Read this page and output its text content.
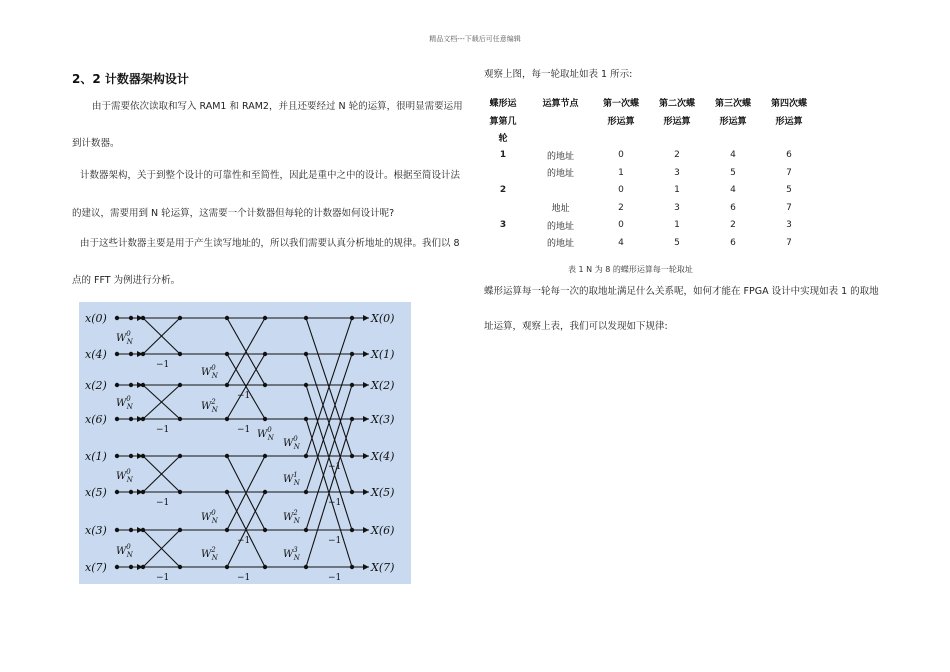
精品文档---下载后可任意编辑
2、2 计数器架构设计
由于需要依次读取和写入 RAM1 和 RAM2，并且还要经过 N 轮的运算，很明显需要运用
到计数器。
计数器架构，关于到整个设计的可靠性和至简性，因此是重中之中的设计。根据至简设计法
的建议，需要用到 N 轮运算，这需要一个计数器但每轮的计数器如何设计呢?
由于这些计数器主要是用于产生读写地址的，所以我们需要认真分析地址的规律。我们以 8
点的 FFT 为例进行分析。
$W^0$ N
−1
$W^0$ N
−1
$W^0$ N
−1
$W^0$ N
−1
−1
−1
−1
−1
$W^0$ N
$W^2$ N
$W^0$ N
$W^2$ N
−1
$W^0$ N
−1
$W^1$ N
−1
$W^2$ N
−1
$W^3$ N
$W^0$ N
x(0)
x(4)
x(2)
x(6)
x(1)
x(5)
x(3)
x(7)
X(0)
X(1)
X(2)
X(3)
X(4)
X(5)
X(6)
X(7)
观察上图，每一轮取址如表 1 所示:
蝶形运	运算节点	第一次蝶	第二次蝶	第三次蝶	第四次蝶
算第几		形运算	形运算	形运算	形运算
轮					
1	的地址	0	2	4	6
	的地址	1	3	5	7
2		0	1	4	5
	地址	2	3	6	7
3	的地址	0	1	2	3
	的地址	4	5	6	7
表 1 N 为 8 的蝶形运算每一轮取址
蝶形运算每一轮每一次的取地址满足什么关系呢，如何才能在 FPGA 设计中实现如表 1 的取地
址运算，观察上表，我们可以发现如下规律:
